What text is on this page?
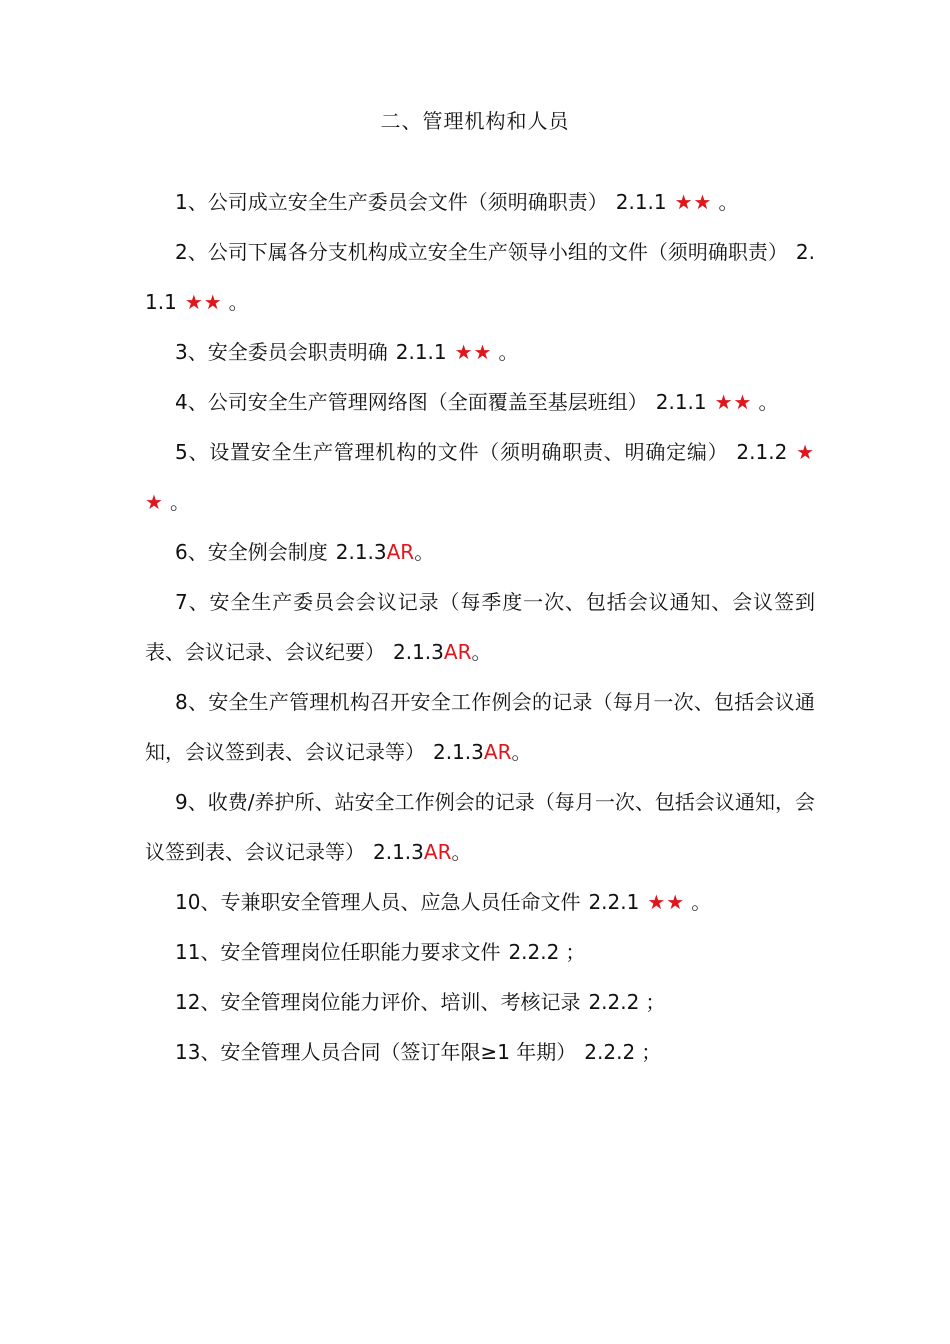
二、管理机构和人员

1、公司成立安全生产委员会文件（须明确职责） 2.1.1 ★★ 。

2、公司下属各分支机构成立安全生产领导小组的文件（须明确职责） 2.1.1 ★★ 。

3、安全委员会职责明确 2.1.1 ★★ 。

4、公司安全生产管理网络图（全面覆盖至基层班组） 2.1.1 ★★ 。

5、设置安全生产管理机构的文件（须明确职责、明确定编） 2.1.2 ★★ 。

6、安全例会制度 2.1.3AR。

7、安全生产委员会会议记录（每季度一次、包括会议通知、会议签到表、会议记录、会议纪要） 2.1.3AR。

8、安全生产管理机构召开安全工作例会的记录（每月一次、包括会议通知，会议签到表、会议记录等） 2.1.3AR。

9、收费/养护所、站安全工作例会的记录（每月一次、包括会议通知，会议签到表、会议记录等） 2.1.3AR。

10、专兼职安全管理人员、应急人员任命文件 2.2.1 ★★ 。

11、安全管理岗位任职能力要求文件 2.2.2 ；

12、安全管理岗位能力评价、培训、考核记录 2.2.2 ；

13、安全管理人员合同（签订年限≥1 年期） 2.2.2 ；
